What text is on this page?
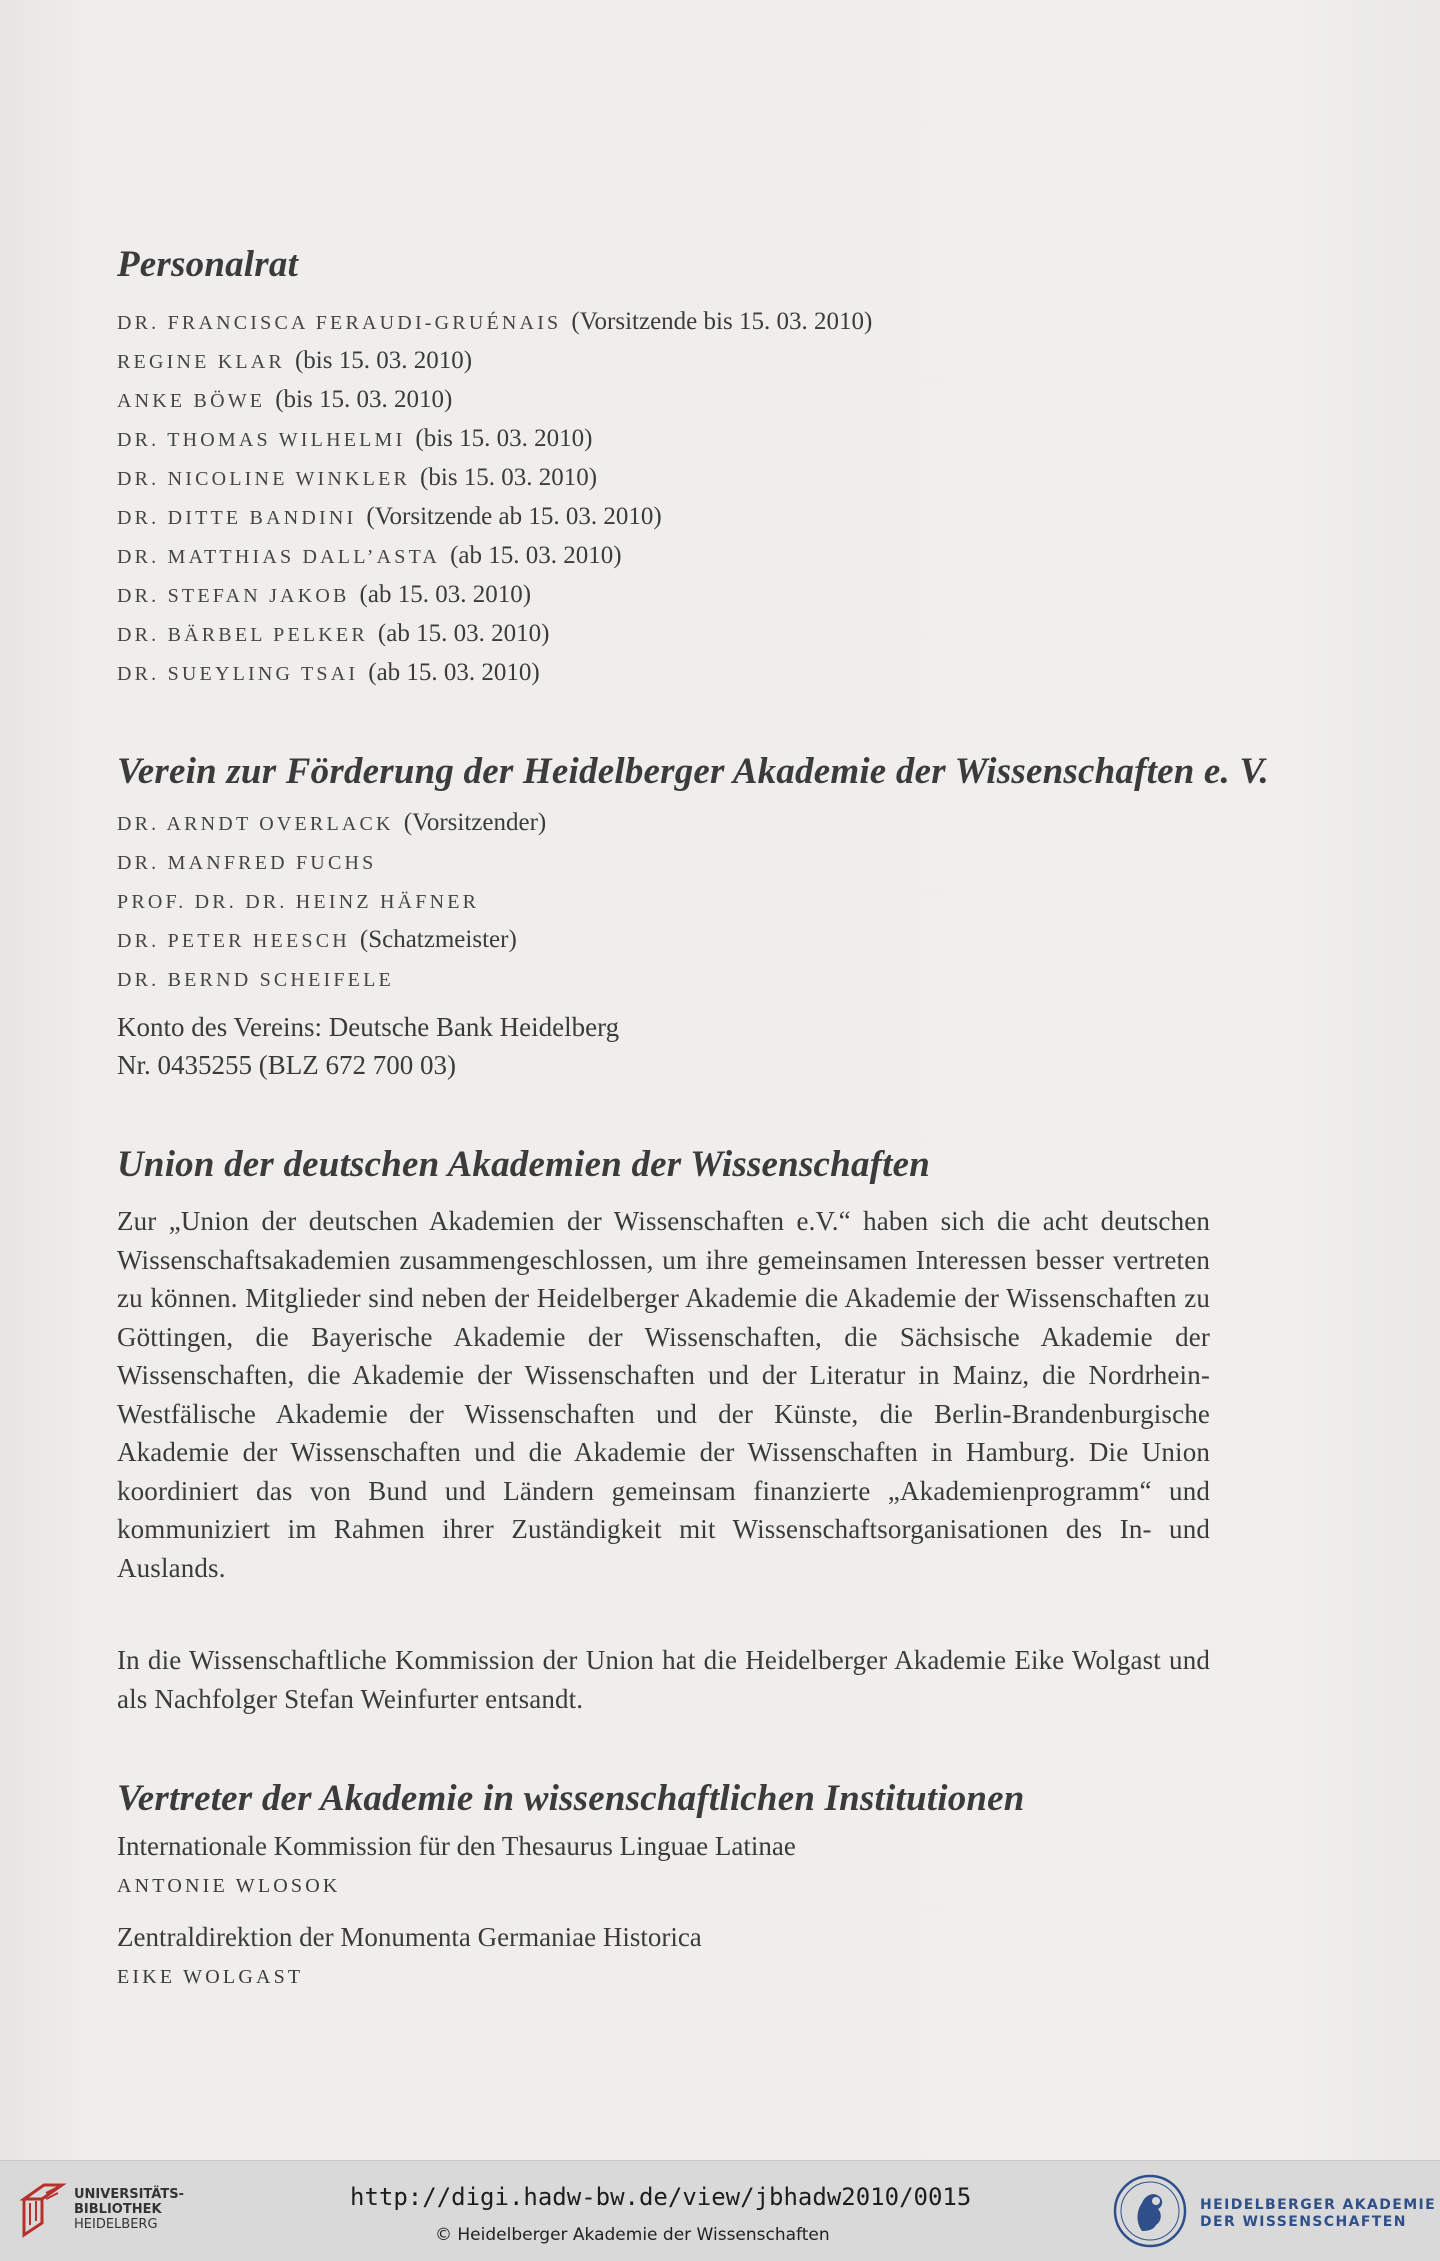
Personalrat
DR. FRANCISCA FERAUDI-GRUÉNAIS (Vorsitzende bis 15. 03. 2010)
REGINE KLAR (bis 15. 03. 2010)
ANKE BÖWE (bis 15. 03. 2010)
DR. THOMAS WILHELMI (bis 15. 03. 2010)
DR. NICOLINE WINKLER (bis 15. 03. 2010)
DR. DITTE BANDINI (Vorsitzende ab 15. 03. 2010)
DR. MATTHIAS DALL’ASTA (ab 15. 03. 2010)
DR. STEFAN JAKOB (ab 15. 03. 2010)
DR. BÄRBEL PELKER (ab 15. 03. 2010)
DR. SUEYLING TSAI (ab 15. 03. 2010)
Verein zur Förderung der Heidelberger Akademie der Wissenschaften e. V.
DR. ARNDT OVERLACK (Vorsitzender)
DR. MANFRED FUCHS
PROF. DR. DR. HEINZ HÄFNER
DR. PETER HEESCH (Schatzmeister)
DR. BERND SCHEIFELE
Konto des Vereins: Deutsche Bank Heidelberg
Nr. 0435255 (BLZ 672 700 03)
Union der deutschen Akademien der Wissenschaften

Zur „Union der deutschen Akademien der Wissenschaften e.V.“ haben sich die acht deutschen Wissenschaftsakademien zusammengeschlossen, um ihre gemeinsamen Interessen besser vertreten zu können. Mitglieder sind neben der Heidelberger Akademie die Akademie der Wissenschaften zu Göttingen, die Bayerische Akademie der Wissenschaften, die Sächsische Akademie der Wissenschaften, die Akademie der Wissenschaften und der Literatur in Mainz, die Nordrhein-Westfälische Akademie der Wissenschaften und der Künste, die Berlin-Brandenburgische Akademie der Wissenschaften und die Akademie der Wissenschaften in Hamburg. Die Union koordiniert das von Bund und Ländern gemeinsam finanzierte „Akademienprogramm“ und kommuniziert im Rahmen ihrer Zuständigkeit mit Wissenschaftsorganisationen des In- und Auslands.

In die Wissenschaftliche Kommission der Union hat die Heidelberger Akademie Eike Wolgast und als Nachfolger Stefan Weinfurter entsandt.

Vertreter der Akademie in wissenschaftlichen Institutionen
Internationale Kommission für den Thesaurus Linguae Latinae
ANTONIE WLOSOK
Zentraldirektion der Monumenta Germaniae Historica
EIKE WOLGAST
UNIVERSITÄTS-
BIBLIOTHEK
HEIDELBERG
http://digi.hadw-bw.de/view/jbhadw2010/0015
© Heidelberger Akademie der Wissenschaften
HEIDELBERGER AKADEMIE
DER WISSENSCHAFTEN
